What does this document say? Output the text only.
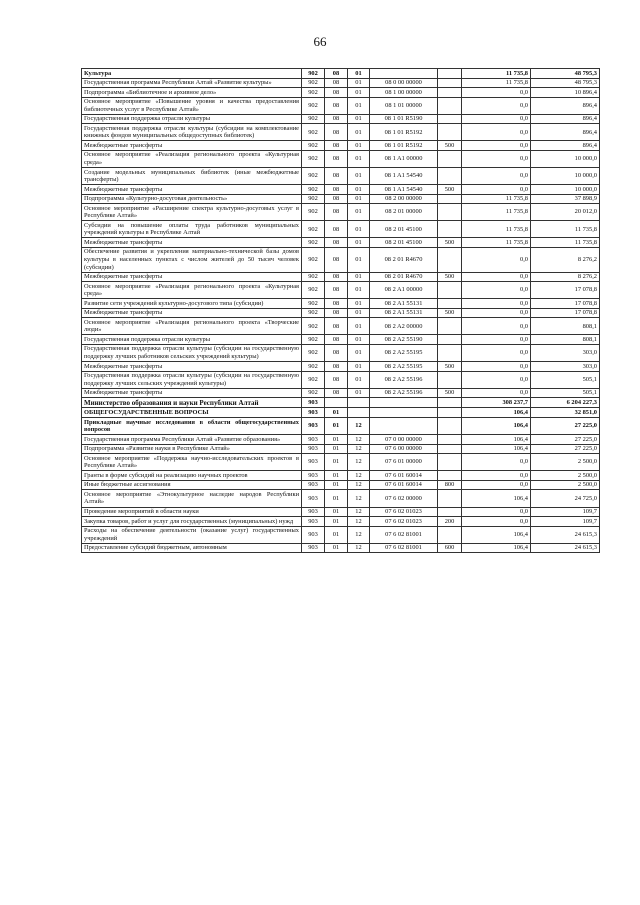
66
Культура	902	08	01			11 735,8	48 795,3
Государственная программа Республики Алтай «Развитие культуры»	902	08	01	08 0 00 00000		11 735,8	48 795,3
Подпрограмма «Библиотечное и архивное дело»	902	08	01	08 1 00 00000		0,0	10 896,4
Основное мероприятие «Повышение уровня и качества предоставления библиотечных услуг в Республике Алтай»	902	08	01	08 1 01 00000		0,0	896,4
Государственная поддержка отрасли культуры	902	08	01	08 1 01 R5190		0,0	896,4
Государственная поддержка отрасли культуры (субсидии на комплектование книжных фондов муниципальных общедоступных библиотек)	902	08	01	08 1 01 R5192		0,0	896,4
Межбюджетные трансферты	902	08	01	08 1 01 R5192	500	0,0	896,4
Основное мероприятие «Реализация регионального проекта «Культурная среда»	902	08	01	08 1 A1 00000		0,0	10 000,0
Создание модельных муниципальных библиотек (иные межбюджетные трансферты)	902	08	01	08 1 A1 54540		0,0	10 000,0
Межбюджетные трансферты	902	08	01	08 1 A1 54540	500	0,0	10 000,0
Подпрограмма «Культурно-досуговая деятельность»	902	08	01	08 2 00 00000		11 735,8	37 898,9
Основное мероприятие «Расширение спектра культурно-досуговых услуг в Республике Алтай»	902	08	01	08 2 01 00000		11 735,8	20 012,0
Субсидии на повышение оплаты труда работников муниципальных учреждений культуры в Республике Алтай	902	08	01	08 2 01 45100		11 735,8	11 735,8
Межбюджетные трансферты	902	08	01	08 2 01 45100	500	11 735,8	11 735,8
Обеспечение развития и укрепления материально-технической базы домов культуры в населенных пунктах с числом жителей до 50 тысяч человек (субсидии)	902	08	01	08 2 01 R4670		0,0	8 276,2
Межбюджетные трансферты	902	08	01	08 2 01 R4670	500	0,0	8 276,2
Основное мероприятие «Реализация регионального проекта «Культурная среда»	902	08	01	08 2 A1 00000		0,0	17 078,8
Развитие сети учреждений культурно-досугового типа (субсидии)	902	08	01	08 2 A1 55131		0,0	17 078,8
Межбюджетные трансферты	902	08	01	08 2 A1 55131	500	0,0	17 078,8
Основное мероприятие «Реализация регионального проекта «Творческие люди»	902	08	01	08 2 A2 00000		0,0	808,1
Государственная поддержка отрасли культуры	902	08	01	08 2 A2 55190		0,0	808,1
Государственная поддержка отрасли культуры (субсидии на государственную поддержку лучших работников сельских учреждений культуры)	902	08	01	08 2 A2 55195		0,0	303,0
Межбюджетные трансферты	902	08	01	08 2 A2 55195	500	0,0	303,0
Государственная поддержка отрасли культуры (субсидии на государственную поддержку лучших сельских учреждений культуры)	902	08	01	08 2 A2 55196		0,0	505,1
Межбюджетные трансферты	902	08	01	08 2 A2 55196	500	0,0	505,1
Министерство образования и науки Республики Алтай	903					308 237,7	6 204 227,3
ОБЩЕГОСУДАРСТВЕННЫЕ ВОПРОСЫ	903	01				106,4	32 851,0
Прикладные научные исследования в области общегосударственных вопросов	903	01	12			106,4	27 225,0
Государственная программа Республики Алтай «Развитие образования»	903	01	12	07 0 00 00000		106,4	27 225,0
Подпрограмма «Развитие науки в Республике Алтай»	903	01	12	07 6 00 00000		106,4	27 225,0
Основное мероприятие «Поддержка научно-исследовательских проектов в Республике Алтай»	903	01	12	07 6 01 00000		0,0	2 500,0
Гранты в форме субсидий на реализацию научных проектов	903	01	12	07 6 01 60014		0,0	2 500,0
Иные бюджетные ассигнования	903	01	12	07 6 01 60014	800	0,0	2 500,0
Основное мероприятие «Этнокультурное наследие народов Республики Алтай»	903	01	12	07 6 02 00000		106,4	24 725,0
Проведение мероприятий в области науки	903	01	12	07 6 02 01023		0,0	109,7
Закупка товаров, работ и услуг для государственных (муниципальных) нужд	903	01	12	07 6 02 01023	200	0,0	109,7
Расходы на обеспечение деятельности (оказание услуг) государственных учреждений	903	01	12	07 6 02 81001		106,4	24 615,3
Предоставление субсидий бюджетным, автономным	903	01	12	07 6 02 81001	600	106,4	24 615,3
